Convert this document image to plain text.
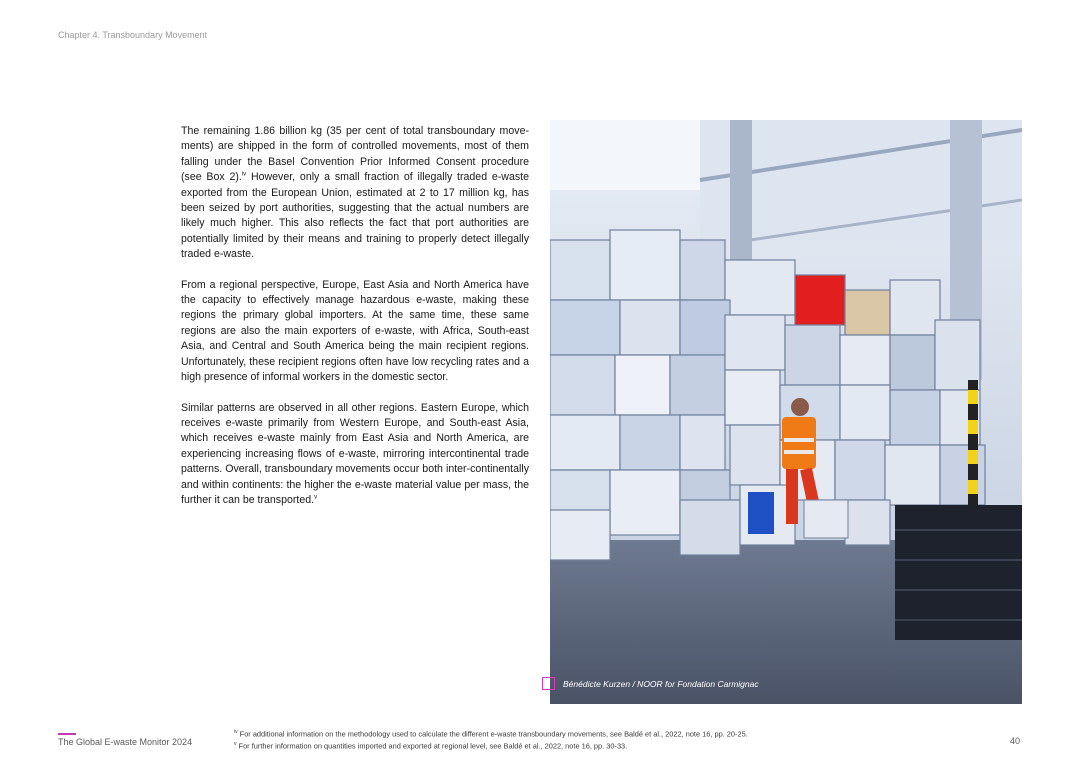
Chapter 4. Transboundary Movement

The remaining 1.86 billion kg (35 per cent of total transboundary move-ments) are shipped in the form of controlled movements, most of them falling under the Basel Convention Prior Informed Consent procedure (see Box 2).$^{iv}$ However, only a small fraction of illegally traded e-waste exported from the European Union, estimated at 2 to 17 million kg, has been seized by port authorities, suggesting that the actual numbers are likely much higher. This also reflects the fact that port authorities are potentially limited by their means and training to properly detect illegally traded e-waste.

From a regional perspective, Europe, East Asia and North America have the capacity to effectively manage hazardous e-waste, making these regions the primary global importers. At the same time, these same regions are also the main exporters of e-waste, with Africa, South-east Asia, and Central and South America being the main recipient regions. Unfortunately, these recipient regions often have low recycling rates and a high presence of informal workers in the domestic sector.

Similar patterns are observed in all other regions. Eastern Europe, which receives e-waste primarily from Western Europe, and South-east Asia, which receives e-waste mainly from East Asia and North America, are experiencing increasing flows of e-waste, mirroring intercontinental trade patterns. Overall, transboundary movements occur both inter-continentally and within continents: the higher the e-waste material value per mass, the further it can be transported.$^v$

Bénédicte Kurzen / NOOR for Fondation Carmignac
The Global E-waste Monitor 2024
$^{iv}$ For additional information on the methodology used to calculate the different e-waste transboundary movements, see Baldé et al., 2022, note 16, pp. 20-25.
$^v$ For further information on quantities imported and exported at regional level, see Baldé et al., 2022, note 16, pp. 30-33.
40
